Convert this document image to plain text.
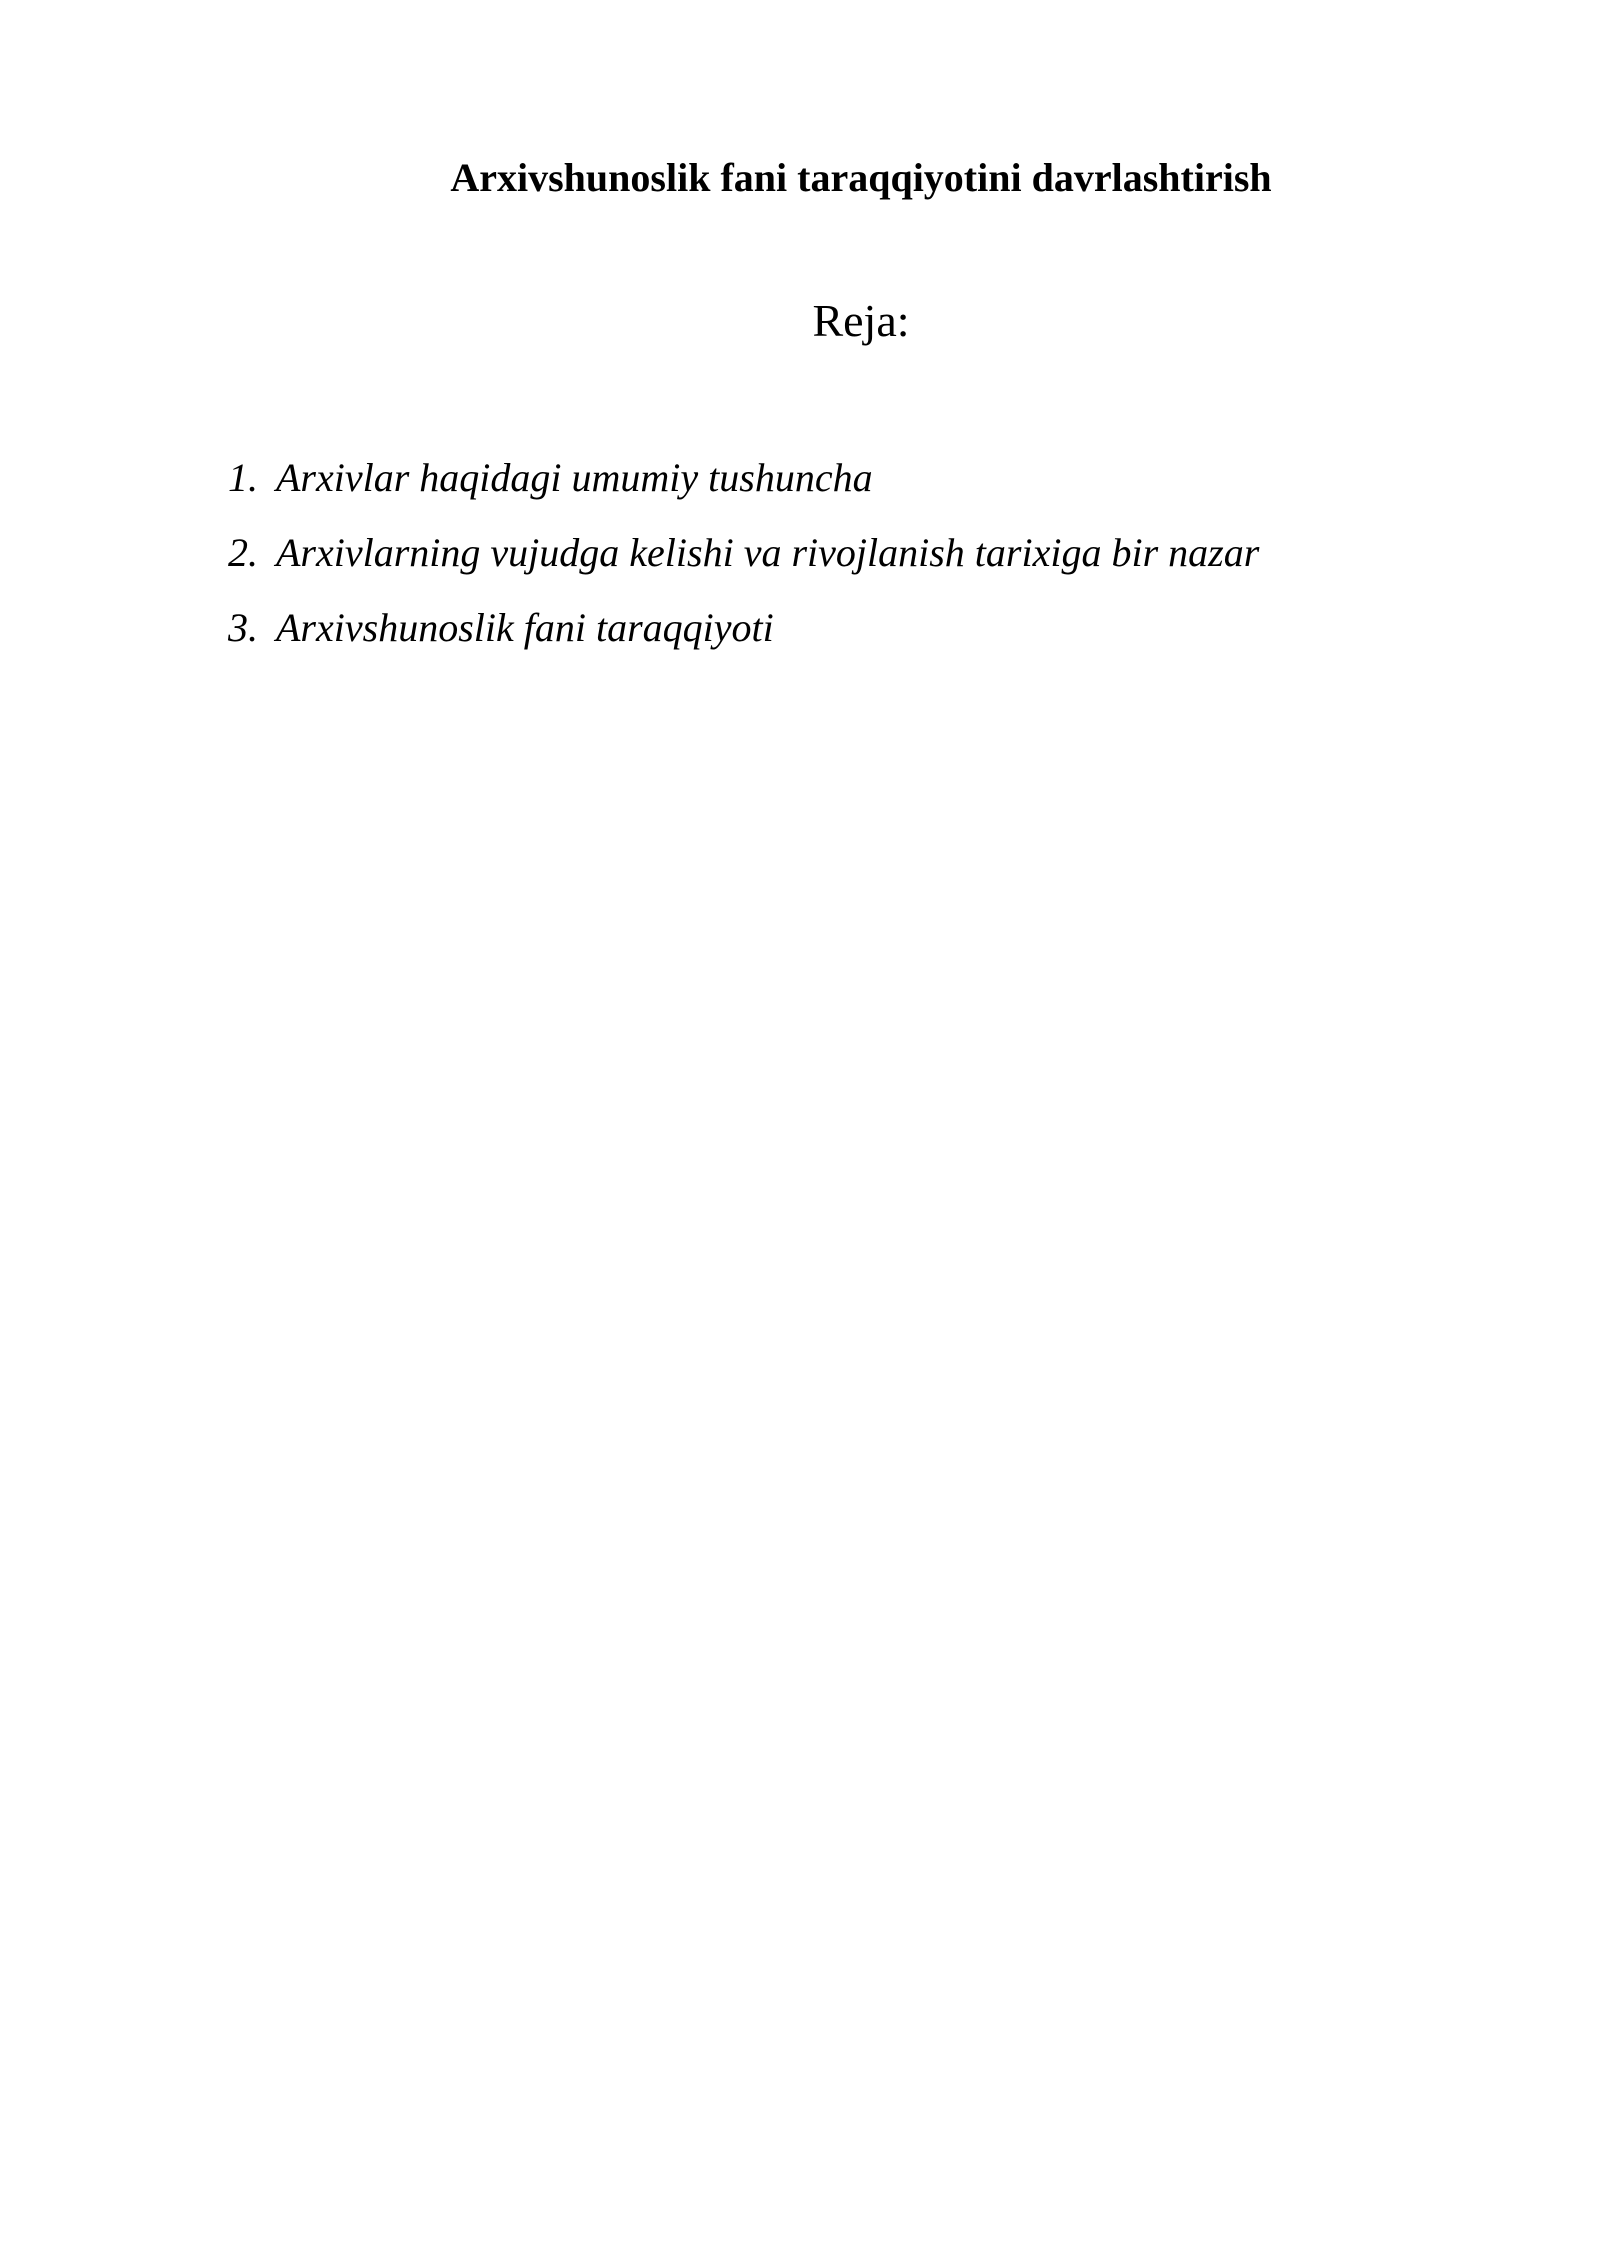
Arxivshunoslik fani taraqqiyotini davrlashtirish
Reja:
1. Arxivlar haqidagi umumiy tushuncha
2. Arxivlarning vujudga kelishi va rivojlanish tarixiga bir nazar
3. Arxivshunoslik fani taraqqiyoti
